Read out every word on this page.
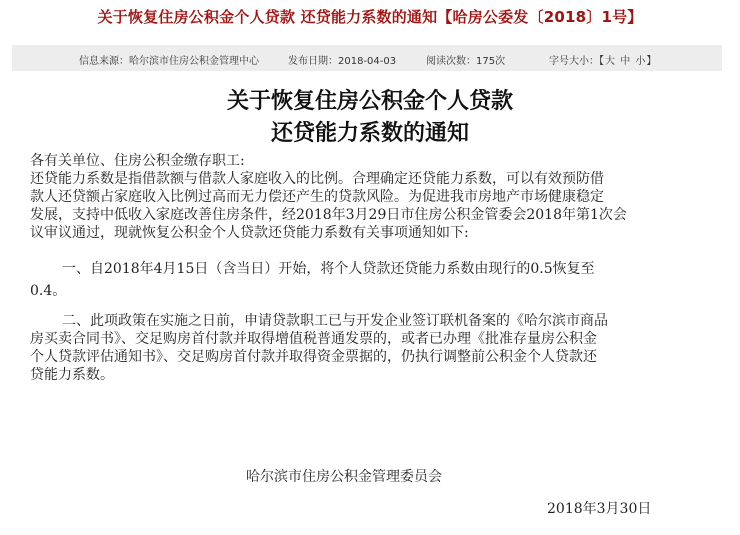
关于恢复住房公积金个人贷款 还贷能力系数的通知【哈房公委发〔2018〕1号】
信息来源：哈尔滨市住房公积金管理中心	发布日期：2018-04-03	阅读次数：175次	字号大小：【大 中 小】
关于恢复住房公积金个人贷款
还贷能力系数的通知
各有关单位、住房公积金缴存职工:
还贷能力系数是指借款额与借款人家庭收入的比例。合理确定还贷能力系数，可以有效预防借
款人还贷额占家庭收入比例过高而无力偿还产生的贷款风险。为促进我市房地产市场健康稳定
发展，支持中低收入家庭改善住房条件，经2018年3月29日市住房公积金管委会2018年第1次会
议审议通过，现就恢复公积金个人贷款还贷能力系数有关事项通知如下:
一、自2018年4月15日（含当日）开始，将个人贷款还贷能力系数由现行的0.5恢复至
0.4。
二、此项政策在实施之日前，申请贷款职工已与开发企业签订联机备案的《哈尔滨市商品
房买卖合同书》、交足购房首付款并取得增值税普通发票的，或者已办理《批准存量房公积金
个人贷款评估通知书》、交足购房首付款并取得资金票据的，仍执行调整前公积金个人贷款还
贷能力系数。
哈尔滨市住房公积金管理委员会
2018年3月30日
